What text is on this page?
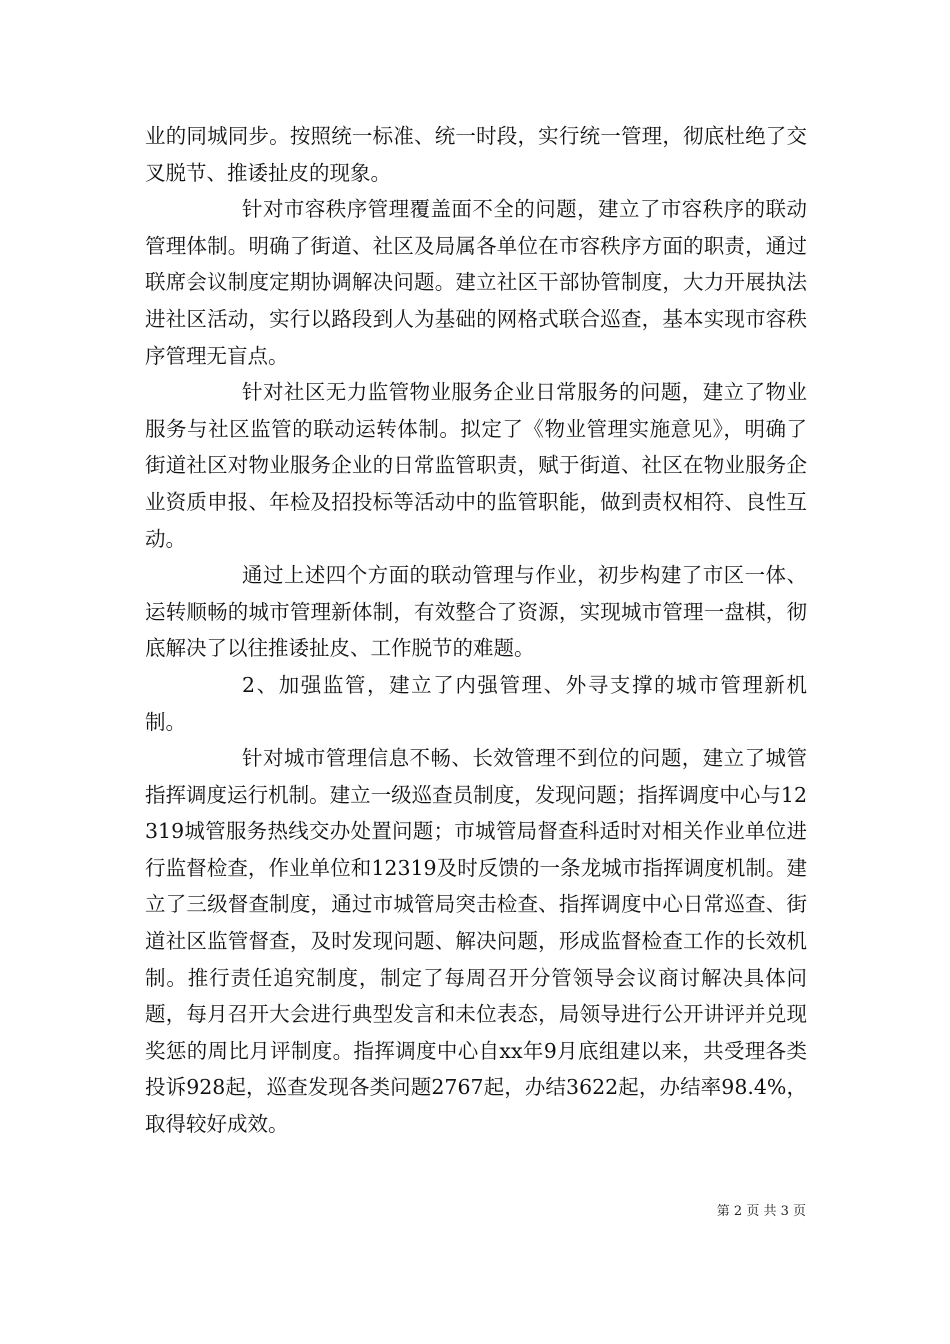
业的同城同步。按照统一标准、统一时段，实行统一管理，彻底杜绝了交叉脱节、推诿扯皮的现象。

针对市容秩序管理覆盖面不全的问题，建立了市容秩序的联动管理体制。明确了街道、社区及局属各单位在市容秩序方面的职责，通过联席会议制度定期协调解决问题。建立社区干部协管制度，大力开展执法进社区活动，实行以路段到人为基础的网格式联合巡查，基本实现市容秩序管理无盲点。

针对社区无力监管物业服务企业日常服务的问题，建立了物业服务与社区监管的联动运转体制。拟定了《物业管理实施意见》，明确了街道社区对物业服务企业的日常监管职责，赋于街道、社区在物业服务企业资质申报、年检及招投标等活动中的监管职能，做到责权相符、良性互动。

通过上述四个方面的联动管理与作业，初步构建了市区一体、运转顺畅的城市管理新体制，有效整合了资源，实现城市管理一盘棋，彻底解决了以往推诿扯皮、工作脱节的难题。

2、加强监管，建立了内强管理、外寻支撑的城市管理新机制。

针对城市管理信息不畅、长效管理不到位的问题，建立了城管指挥调度运行机制。建立一级巡查员制度，发现问题；指挥调度中心与12319城管服务热线交办处置问题；市城管局督查科适时对相关作业单位进行监督检查，作业单位和12319及时反馈的一条龙城市指挥调度机制。建立了三级督查制度，通过市城管局突击检查、指挥调度中心日常巡查、街道社区监管督查，及时发现问题、解决问题，形成监督检查工作的长效机制。推行责任追究制度，制定了每周召开分管领导会议商讨解决具体问题，每月召开大会进行典型发言和未位表态，局领导进行公开讲评并兑现奖惩的周比月评制度。指挥调度中心自xx年9月底组建以来，共受理各类投诉928起，巡查发现各类问题2767起，办结3622起，办结率98.4%，取得较好成效。

第 2 页 共 3 页
